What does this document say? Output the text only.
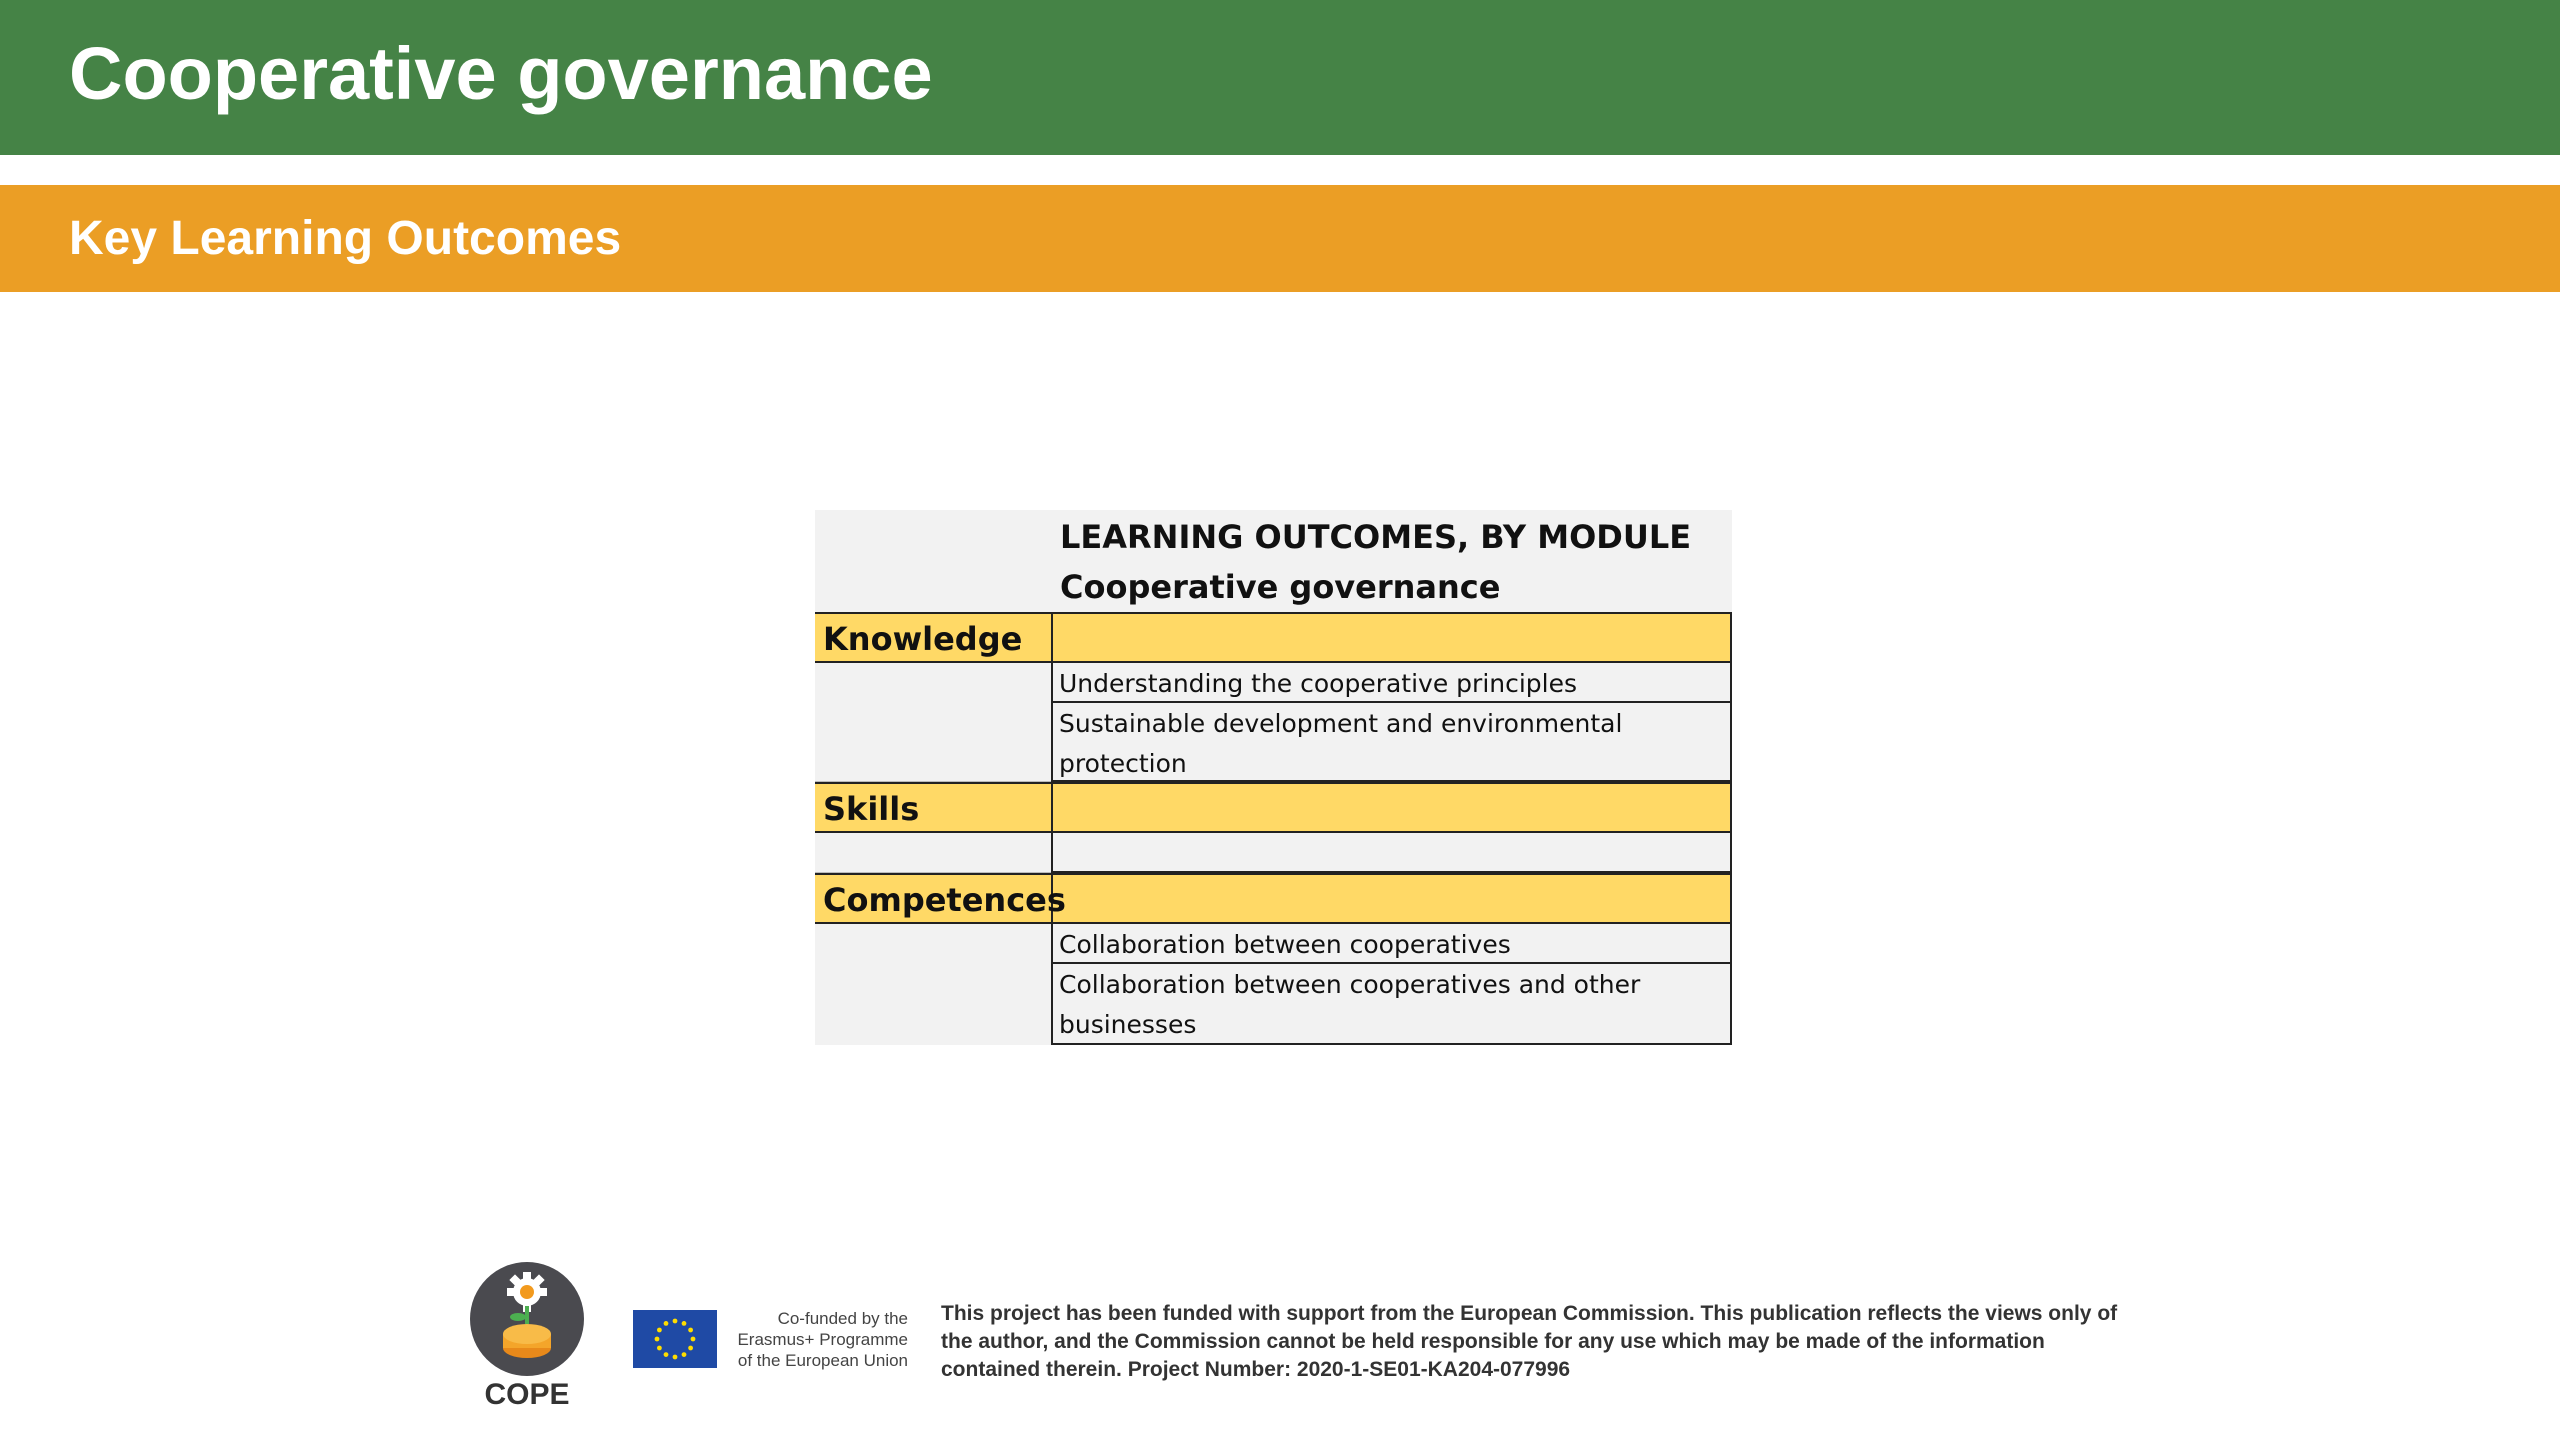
Cooperative governance
Key Learning Outcomes
LEARNING OUTCOMES, BY MODULE
Cooperative governance
Knowledge
Understanding the cooperative principles
Sustainable development and environmental protection
Skills
Competences
Collaboration between cooperatives
Collaboration between cooperatives and other businesses
COPE
Co-funded by the Erasmus+ Programme of the European Union
This project has been funded with support from the European Commission. This publication reflects the views only of the author, and the Commission cannot be held responsible for any use which may be made of the information contained therein. Project Number: 2020-1-SE01-KA204-077996
